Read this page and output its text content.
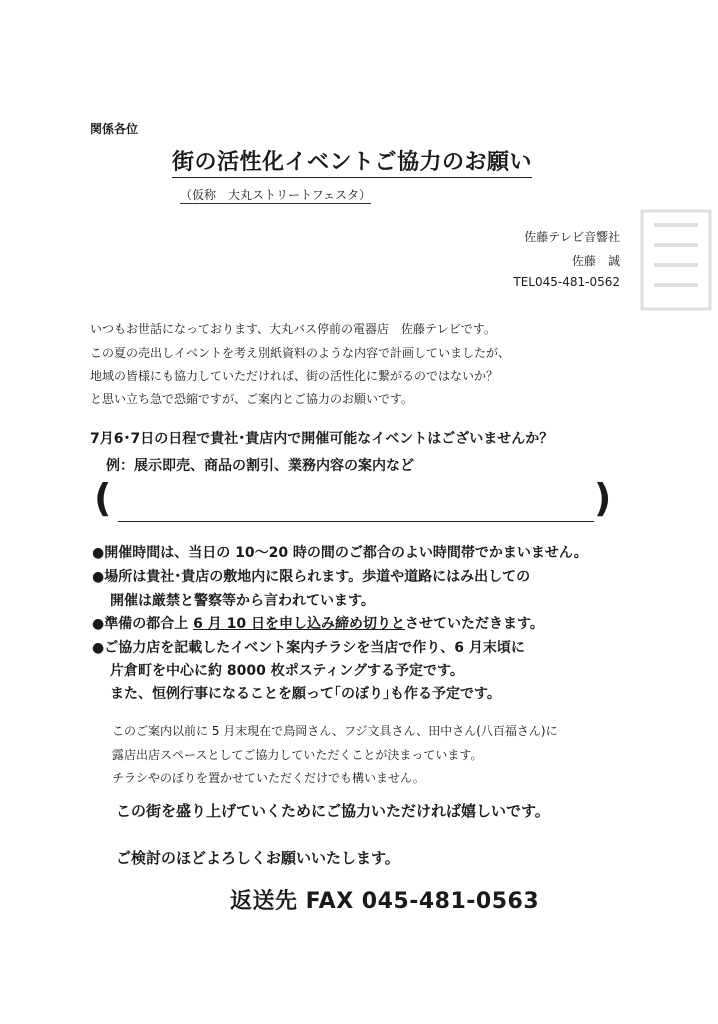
関係各位
街の活性化イベントご協力のお願い
（仮称　大丸ストリートフェスタ）
佐藤テレビ音響社
佐藤　誠
TEL045-481-0562
いつもお世話になっております、大丸バス停前の電器店　佐藤テレビです。
この夏の売出しイベントを考え別紙資料のような内容で計画していましたが、
地域の皆様にも協力していただければ、街の活性化に繋がるのではないか？
と思い立ち急で恐縮ですが、ご案内とご協力のお願いです。
7月6･7日の日程で貴社･貴店内で開催可能なイベントはございませんか？
例：展示即売、商品の割引、業務内容の案内など
(	)
●開催時間は、当日の 10～20 時の間のご都合のよい時間帯でかまいません。
●場所は貴社･貴店の敷地内に限られます。歩道や道路にはみ出しての
開催は厳禁と警察等から言われています。
●準備の都合上 6 月 10 日を申し込み締め切りとさせていただきます。
●ご協力店を記載したイベント案内チラシを当店で作り、6 月末頃に
片倉町を中心に約 8000 枚ポスティングする予定です。
また、恒例行事になることを願って｢のぼり｣も作る予定です。
このご案内以前に 5 月末現在で鳥岡さん、フジ文具さん、田中さん(八百福さん)に
露店出店スペースとしてご協力していただくことが決まっています。
チラシやのぼりを置かせていただくだけでも構いません。
この街を盛り上げていくためにご協力いただければ嬉しいです。
ご検討のほどよろしくお願いいたします。
返送先 FAX 045-481-0563
